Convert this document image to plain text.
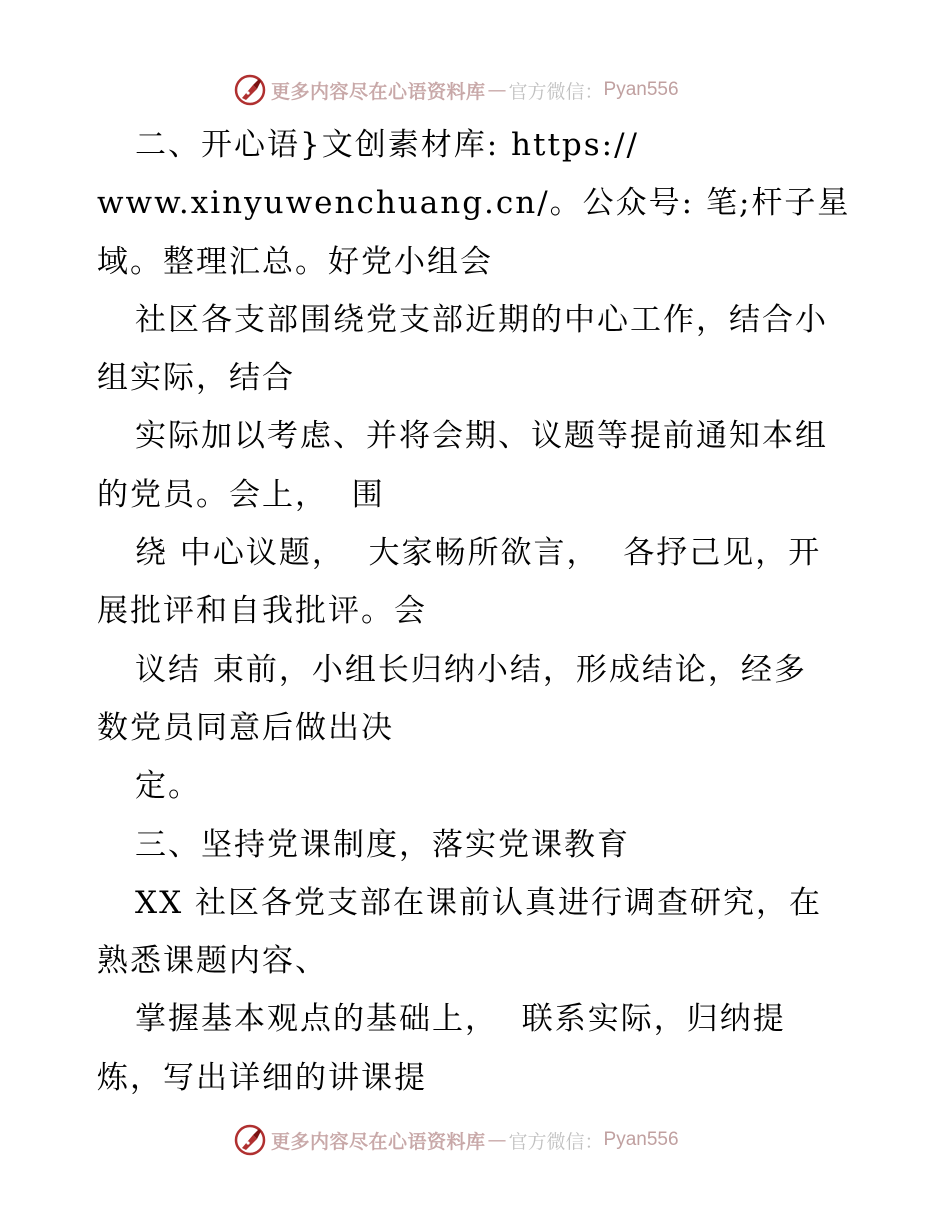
更多内容尽在心语资料库 — 官方微信： Pyan556
二、开心语}文创素材库: https://
www.xinyuwenchuang.cn/。公众号: 笔;杆子星
域。整理汇总。好党小组会
社区各支部围绕党支部近期的中心工作，结合小
组实际，结合
实际加以考虑、并将会期、议题等提前通知本组
的党员。会上，  围
绕 中心议题，  大家畅所欲言，  各抒己见，开
展批评和自我批评。会
议结 束前，小组长归纳小结，形成结论，经多
数党员同意后做出决
定。
三、坚持党课制度，落实党课教育
XX 社区各党支部在课前认真进行调查研究，在
熟悉课题内容、
掌握基本观点的基础上，  联系实际，归纳提
炼，写出详细的讲课提
更多内容尽在心语资料库 — 官方微信： Pyan556
